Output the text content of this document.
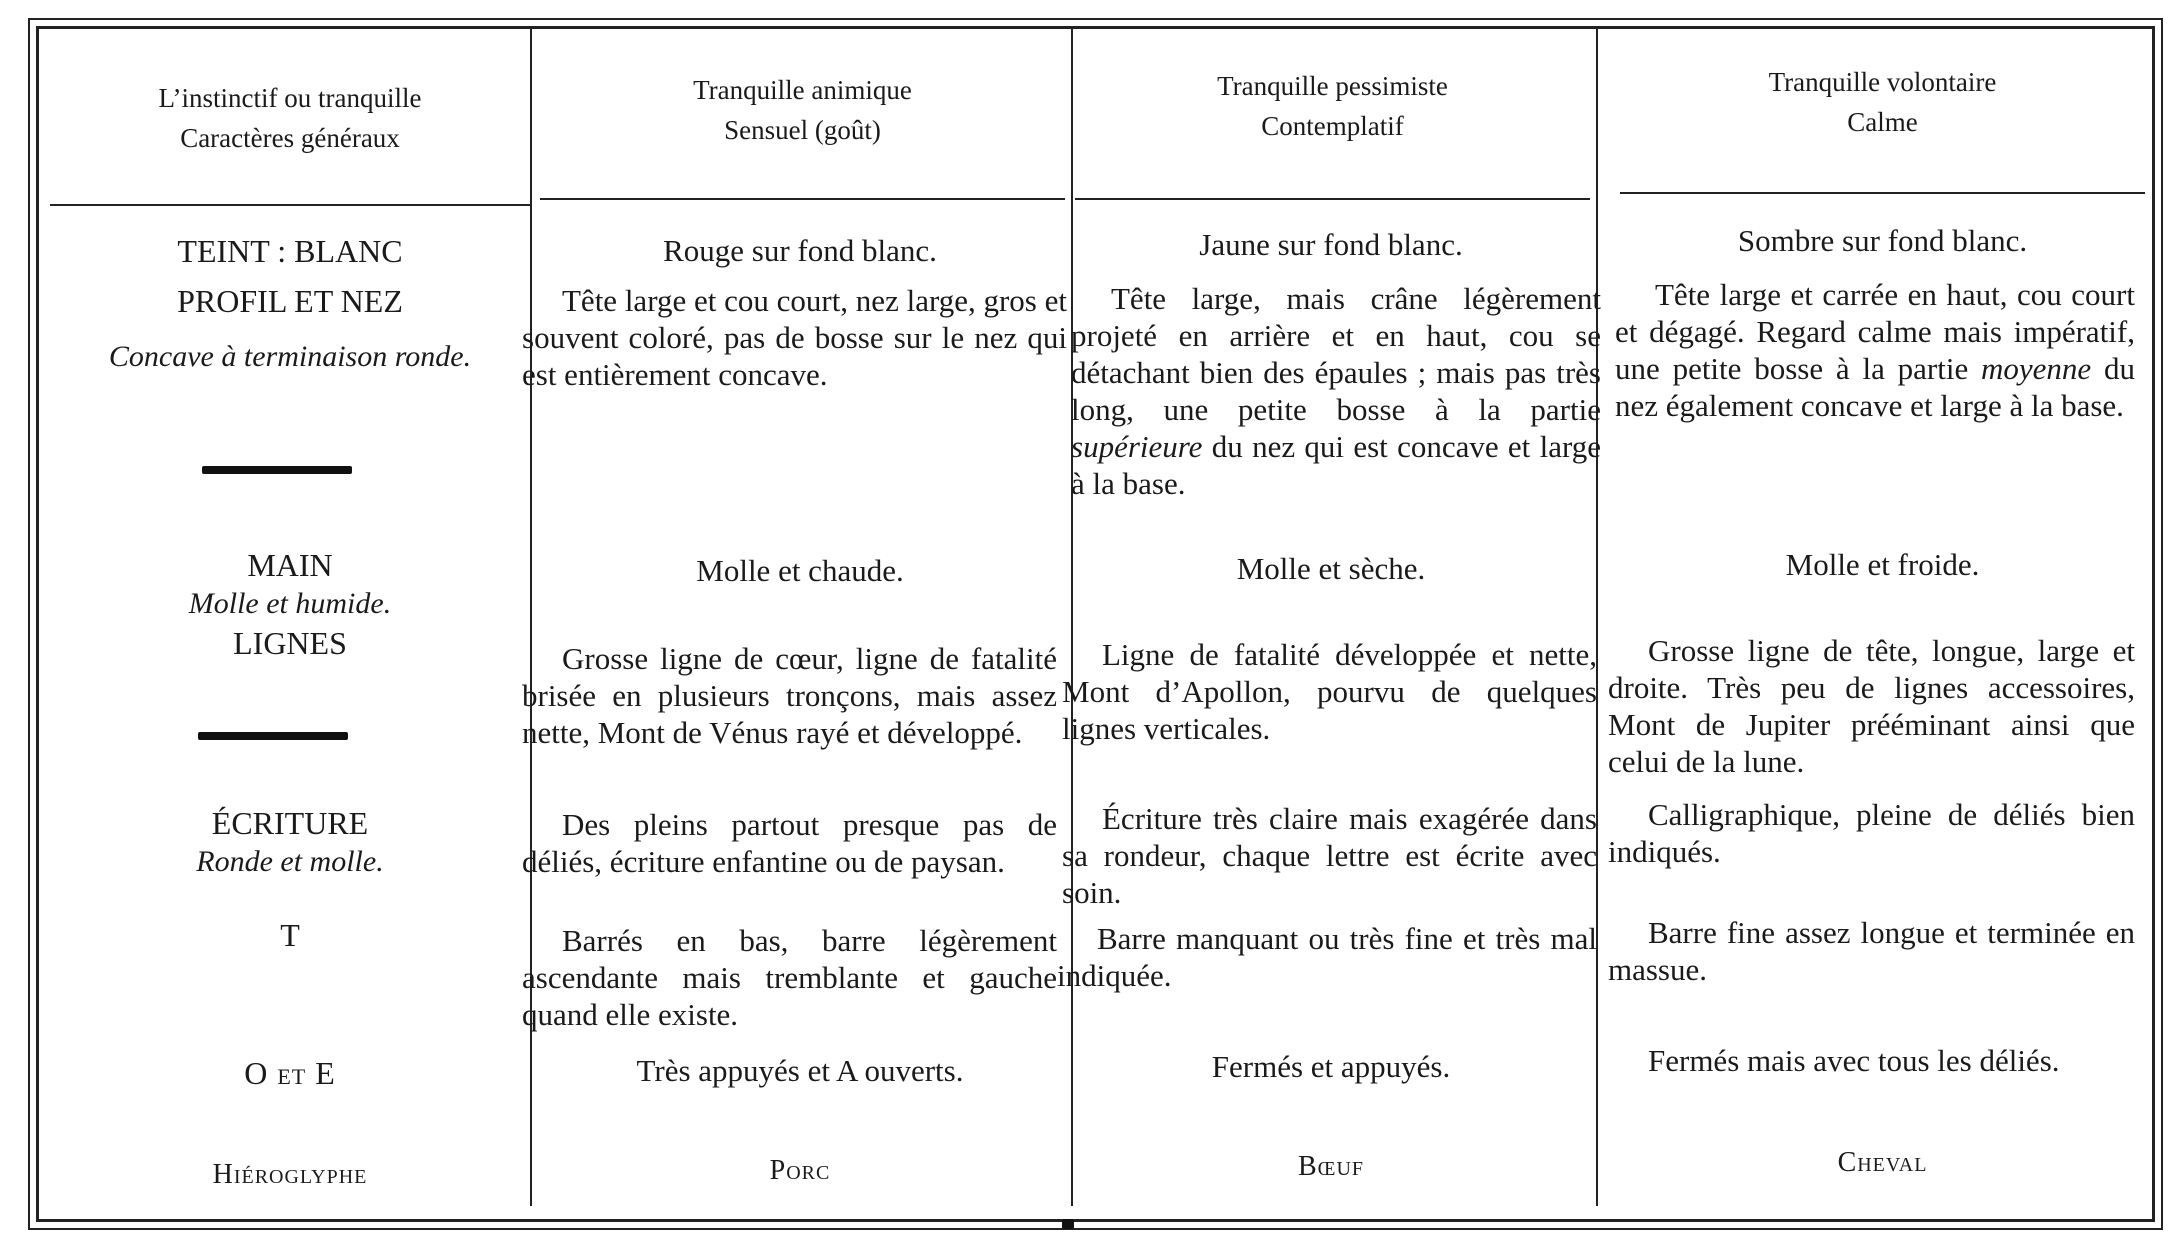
L’instinctif ou tranquille
Caractères généraux
Tranquille animique
Sensuel (goût)
Tranquille pessimiste
Contemplatif
Tranquille volontaire
Calme
TEINT : BLANC
PROFIL ET NEZ
Concave à terminaison ronde.
MAIN
Molle et humide.
LIGNES
ÉCRITURE
Ronde et molle.
T
O et E
Hiéroglyphe
Rouge sur fond blanc.
Tête large et cou court, nez large, gros et souvent coloré, pas de bosse sur le nez qui est entièrement concave.
Molle et chaude.
Grosse ligne de cœur, ligne de fatalité brisée en plusieurs tronçons, mais assez nette, Mont de Vénus rayé et développé.
Des pleins partout presque pas de déliés, écriture enfantine ou de paysan.
Barrés en bas, barre légèrement ascendante mais tremblante et gauche quand elle existe.
Très appuyés et A ouverts.
Porc
Jaune sur fond blanc.
Tête large, mais crâne légèrement projeté en arrière et en haut, cou se détachant bien des épaules ; mais pas très long, une petite bosse à la partie supérieure du nez qui est concave et large à la base.
Molle et sèche.
Ligne de fatalité développée et nette, Mont d’Apollon, pourvu de quelques lignes verticales.
Écriture très claire mais exagérée dans sa rondeur, chaque lettre est écrite avec soin.
Barre manquant ou très fine et très mal indiquée.
Fermés et appuyés.
Bœuf
Sombre sur fond blanc.
Tête large et carrée en haut, cou court et dégagé. Regard calme mais impératif, une petite bosse à la partie moyenne du nez également concave et large à la base.
Molle et froide.
Grosse ligne de tête, longue, large et droite. Très peu de lignes accessoires, Mont de Jupiter prééminant ainsi que celui de la lune.
Calligraphique, pleine de déliés bien indiqués.
Barre fine assez longue et terminée en massue.
Fermés mais avec tous les déliés.
Cheval
